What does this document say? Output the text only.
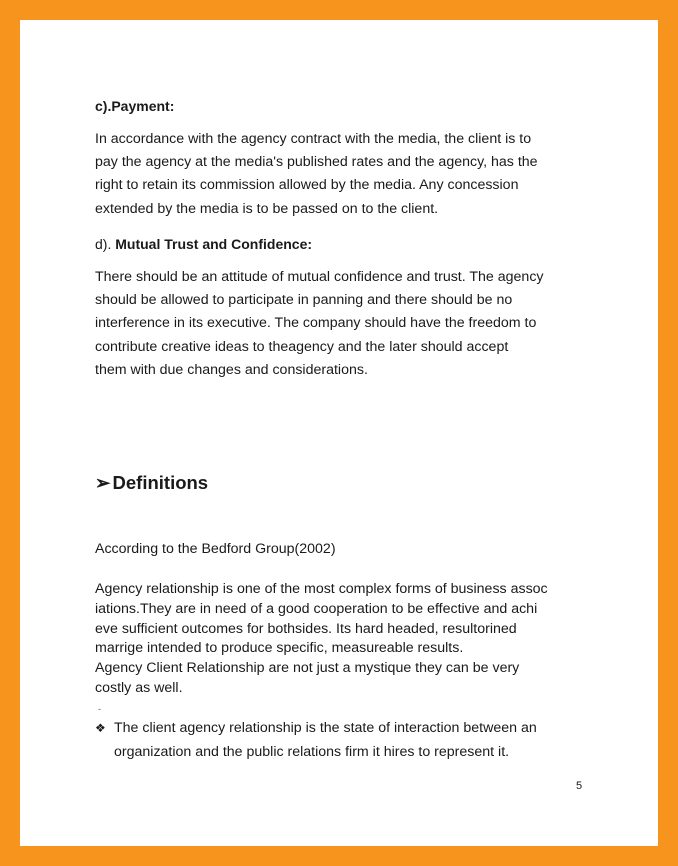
c).Payment:
In accordance with the agency contract with the media, the client is to
pay the agency at the media's published rates and the agency, has the
right to retain its commission allowed by the media. Any concession
extended by the media is to be passed on to the client.
d). Mutual Trust and Confidence:
There should be an attitude of mutual confidence and trust. The agency
should be allowed to participate in panning and there should be no
interference in its executive. The company should have the freedom to
contribute creative ideas to theagency and the later should accept
them with due changes and considerations.
➢ Definitions
According to the Bedford Group(2002)
Agency relationship is one of the most complex forms of business assoc
iations.They are in need of a good cooperation to be effective and achi
eve sufficient outcomes for bothsides. Its hard headed, resultorined
marrige intended to produce specific, measureable results.
Agency Client Relationship are not just a mystique they can be very
costly as well.
-
❖ The client agency relationship is the state of interaction between an
organization and the public relations firm it hires to represent it.
5
